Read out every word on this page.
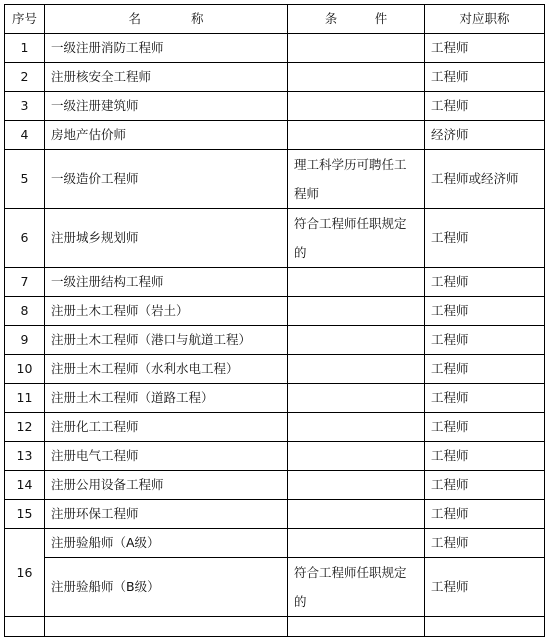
序号	名　　　　称	条　　　件	对应职称
1	一级注册消防工程师		工程师
2	注册核安全工程师		工程师
3	一级注册建筑师		工程师
4	房地产估价师		经济师
5	一级造价工程师	理工科学历可聘任工程师	工程师或经济师
6	注册城乡规划师	符合工程师任职规定的	工程师
7	一级注册结构工程师		工程师
8	注册土木工程师（岩土）		工程师
9	注册土木工程师（港口与航道工程）		工程师
10	注册土木工程师（水利水电工程）		工程师
11	注册土木工程师（道路工程）		工程师
12	注册化工工程师		工程师
13	注册电气工程师		工程师
14	注册公用设备工程师		工程师
15	注册环保工程师		工程师
16	注册验船师（A级）		工程师
	注册验船师（B级）	符合工程师任职规定的	工程师
